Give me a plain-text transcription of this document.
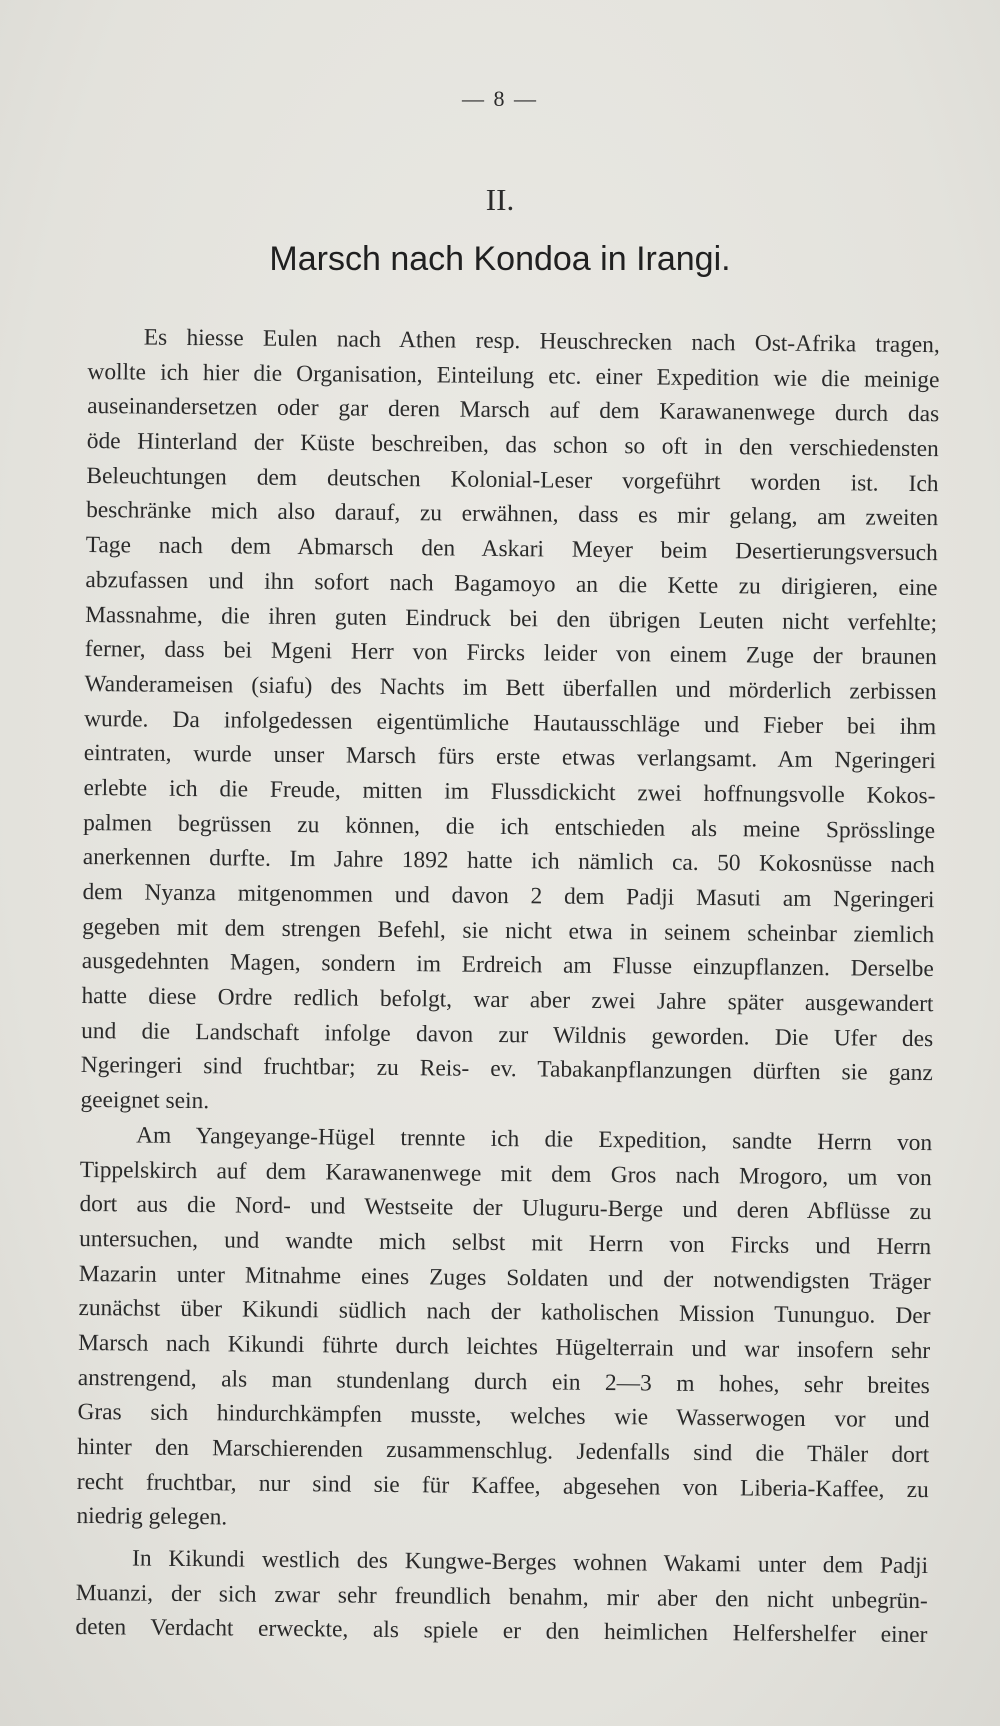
— 8 —
II.
Marsch nach Kondoa in Irangi.
Es hiesse Eulen nach Athen resp. Heuschrecken nach Ost-Afrika tragen,
wollte ich hier die Organisation, Einteilung etc. einer Expedition wie die meinige
auseinandersetzen oder gar deren Marsch auf dem Karawanenwege durch das
öde Hinterland der Küste beschreiben, das schon so oft in den verschiedensten
Beleuchtungen dem deutschen Kolonial-Leser vorgeführt worden ist. Ich
beschränke mich also darauf, zu erwähnen, dass es mir gelang, am zweiten
Tage nach dem Abmarsch den Askari Meyer beim Desertierungsversuch
abzufassen und ihn sofort nach Bagamoyo an die Kette zu dirigieren, eine
Massnahme, die ihren guten Eindruck bei den übrigen Leuten nicht verfehlte;
ferner, dass bei Mgeni Herr von Fircks leider von einem Zuge der braunen
Wanderameisen (siafu) des Nachts im Bett überfallen und mörderlich zerbissen
wurde. Da infolgedessen eigentümliche Hautausschläge und Fieber bei ihm
eintraten, wurde unser Marsch fürs erste etwas verlangsamt. Am Ngeringeri
erlebte ich die Freude, mitten im Flussdickicht zwei hoffnungsvolle Kokos-
palmen begrüssen zu können, die ich entschieden als meine Sprösslinge
anerkennen durfte. Im Jahre 1892 hatte ich nämlich ca. 50 Kokosnüsse nach
dem Nyanza mitgenommen und davon 2 dem Padji Masuti am Ngeringeri
gegeben mit dem strengen Befehl, sie nicht etwa in seinem scheinbar ziemlich
ausgedehnten Magen, sondern im Erdreich am Flusse einzupflanzen. Derselbe
hatte diese Ordre redlich befolgt, war aber zwei Jahre später ausgewandert
und die Landschaft infolge davon zur Wildnis geworden. Die Ufer des
Ngeringeri sind fruchtbar; zu Reis- ev. Tabakanpflanzungen dürften sie ganz
geeignet sein.
Am Yangeyange-Hügel trennte ich die Expedition, sandte Herrn von
Tippelskirch auf dem Karawanenwege mit dem Gros nach Mrogoro, um von
dort aus die Nord- und Westseite der Uluguru-Berge und deren Abflüsse zu
untersuchen, und wandte mich selbst mit Herrn von Fircks und Herrn
Mazarin unter Mitnahme eines Zuges Soldaten und der notwendigsten Träger
zunächst über Kikundi südlich nach der katholischen Mission Tununguo. Der
Marsch nach Kikundi führte durch leichtes Hügelterrain und war insofern sehr
anstrengend, als man stundenlang durch ein 2—3 m hohes, sehr breites
Gras sich hindurchkämpfen musste, welches wie Wasserwogen vor und
hinter den Marschierenden zusammenschlug. Jedenfalls sind die Thäler dort
recht fruchtbar, nur sind sie für Kaffee, abgesehen von Liberia-Kaffee, zu
niedrig gelegen.
In Kikundi westlich des Kungwe-Berges wohnen Wakami unter dem Padji
Muanzi, der sich zwar sehr freundlich benahm, mir aber den nicht unbegrün-
deten Verdacht erweckte, als spiele er den heimlichen Helfershelfer einer
